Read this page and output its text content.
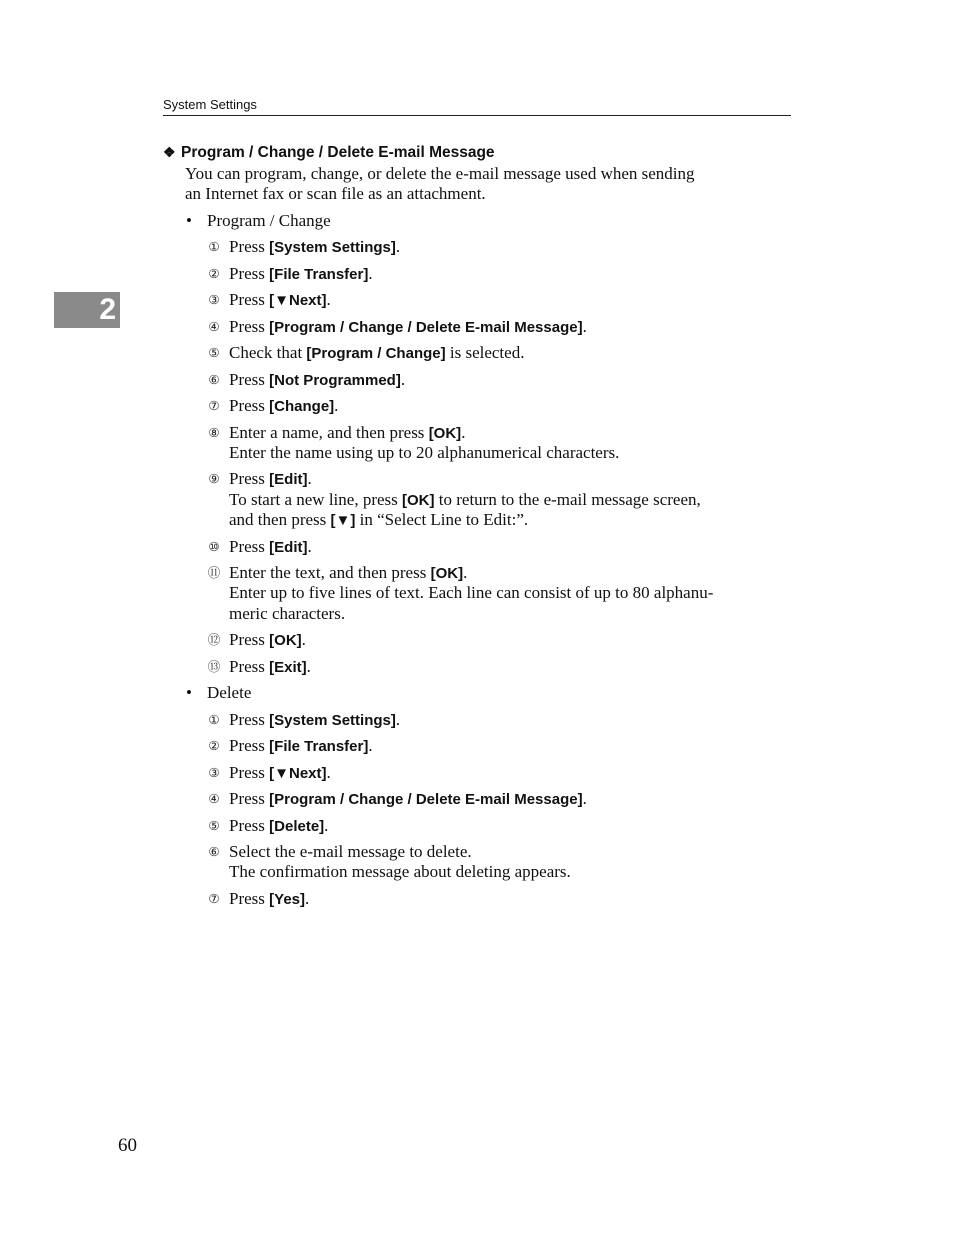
System Settings
2
❖ Program / Change / Delete E-mail Message
You can program, change, or delete the e-mail message used when sending
an Internet fax or scan file as an attachment.
• Program / Change
① Press [System Settings].
② Press [File Transfer].
③ Press [▼Next].
④ Press [Program / Change / Delete E-mail Message].
⑤ Check that [Program / Change] is selected.
⑥ Press [Not Programmed].
⑦ Press [Change].
⑧ Enter a name, and then press [OK].
Enter the name using up to 20 alphanumerical characters.
⑨ Press [Edit].
To start a new line, press [OK] to return to the e-mail message screen,
and then press [▼] in “Select Line to Edit:”.
⑩ Press [Edit].
⑪ Enter the text, and then press [OK].
Enter up to five lines of text. Each line can consist of up to 80 alphanu-
meric characters.
⑫ Press [OK].
⑬ Press [Exit].
• Delete
① Press [System Settings].
② Press [File Transfer].
③ Press [▼Next].
④ Press [Program / Change / Delete E-mail Message].
⑤ Press [Delete].
⑥ Select the e-mail message to delete.
The confirmation message about deleting appears.
⑦ Press [Yes].
60
